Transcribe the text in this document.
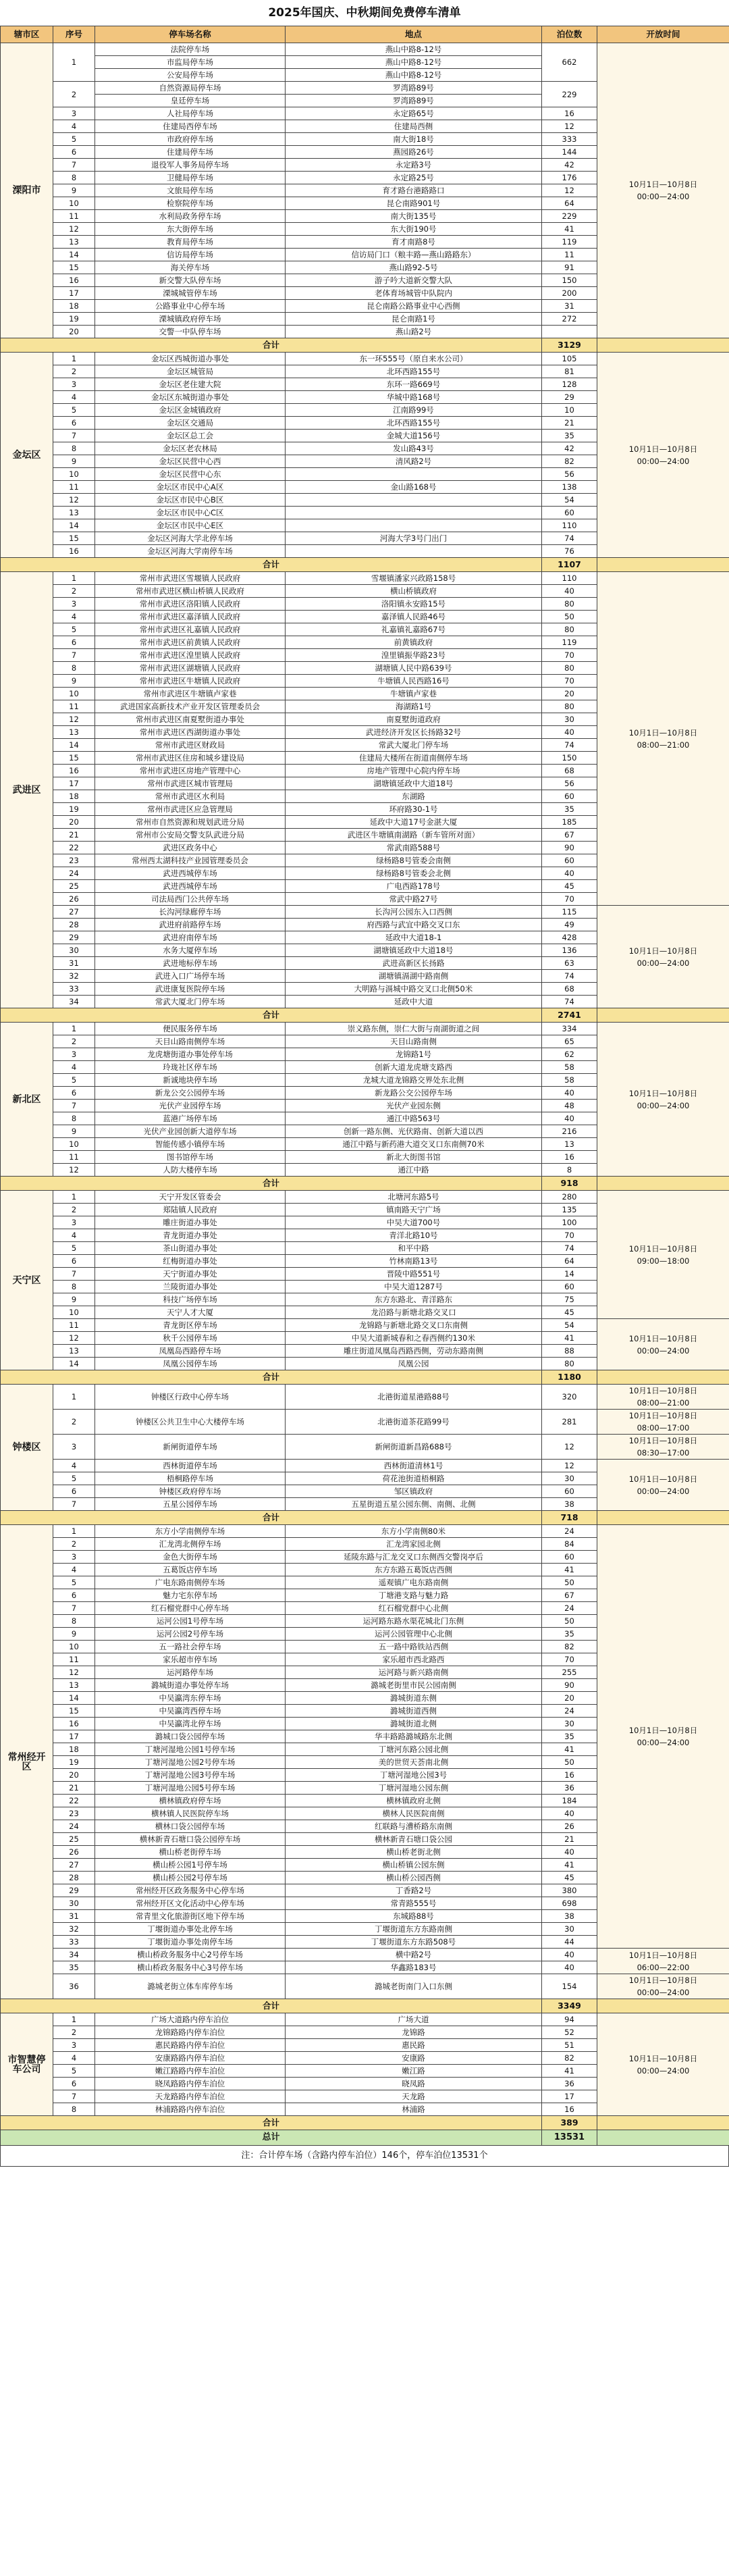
2025年国庆、中秋期间免费停车清单
辖市区	序号	停车场名称	地点	泊位数	开放时间
溧阳市	1	法院停车场	燕山中路8-12号	662	10月1日—10月8日
00:00—24:00
		市监局停车场	燕山中路8-12号		
		公安局停车场	燕山中路8-12号		
	2	自然资源局停车场	罗湾路89号	229	
		皇廷停车场	罗湾路89号		
	3	人社局停车场	永定路65号	16	
	4	住建局西停车场	住建局西侧	12	
	5	市政府停车场	南大街18号	333	
	6	住建局停车场	燕园路26号	144	
	7	退役军人事务局停车场	永定路3号	42	
	8	卫健局停车场	永定路25号	176	
	9	文旅局停车场	育才路台港路路口	12	
	10	检察院停车场	昆仑南路901号	64	
	11	水利局政务停车场	南大街135号	229	
	12	东大街停车场	东大街190号	41	
	13	教育局停车场	育才南路8号	119	
	14	信访局停车场	信访局门口（粮丰路—燕山路路东）	11	
	15	海关停车场	燕山路92-5号	91	
	16	新交警大队停车场	游子吟大道新交警大队	150	
	17	溧城城管停车场	老体育场城管中队院内	200	
	18	公路事业中心停车场	昆仑南路公路事业中心西侧	31	
	19	溧城镇政府停车场	昆仑南路1号	272	
	20	交警一中队停车场	燕山路2号		
合计				3129	
金坛区	1	金坛区西城街道办事处	东一环555号（原自来水公司）	105	10月1日—10月8日
00:00—24:00
	2	金坛区城管局	北环西路155号	81	
	3	金坛区老住建大院	东环一路669号	128	
	4	金坛区东城街道办事处	华城中路168号	29	
	5	金坛区金城镇政府	江南路99号	10	
	6	金坛区交通局	北环西路155号	21	
	7	金坛区总工会	金城大道156号	35	
	8	金坛区老农林局	发山路43号	42	
	9	金坛区民营中心西	清风路2号	82	
	10	金坛区民营中心东		56	
	11	金坛区市民中心A区	金山路168号	138	
	12	金坛区市民中心B区		54	
	13	金坛区市民中心C区		60	
	14	金坛区市民中心E区		110	
	15	金坛区河海大学北停车场	河海大学3号门出门	74	
	16	金坛区河海大学南停车场		76	
合计				1107	
武进区	1	常州市武进区雪堰镇人民政府	雪堰镇潘家兴政路158号	110	10月1日—10月8日
08:00—21:00
	2	常州市武进区横山桥镇人民政府	横山桥镇政府	40	
	3	常州市武进区洛阳镇人民政府	洛阳镇永安路15号	80	
	4	常州市武进区嘉泽镇人民政府	嘉泽镇人民路46号	50	
	5	常州市武进区礼嘉镇人民政府	礼嘉镇礼嘉路67号	80	
	6	常州市武进区前黄镇人民政府	前黄镇政府	119	
	7	常州市武进区湟里镇人民政府	湟里镇振华路23号	70	
	8	常州市武进区湖塘镇人民政府	湖塘镇人民中路639号	80	
	9	常州市武进区牛塘镇人民政府	牛塘镇人民西路16号	70	
	10	常州市武进区牛塘镇卢家巷	牛塘镇卢家巷	20	
	11	武进国家高新技术产业开发区管理委员会	海湖路1号	80	
	12	常州市武进区南夏墅街道办事处	南夏墅街道政府	30	
	13	常州市武进区西湖街道办事处	武进经济开发区长扬路32号	40	
	14	常州市武进区财政局	常武大厦北门停车场	74	
	15	常州市武进区住房和城乡建设局	住建局大楼所在街道南侧停车场	150	
	16	常州市武进区房地产管理中心	房地产管理中心院内停车场	68	
	17	常州市武进区城市管理局	湖塘镇延政中大道18号	56	
	18	常州市武进区水利局	东湖路	60	
	19	常州市武进区应急管理局	环府路30-1号	35	
	20	常州市自然资源和规划武进分局	延政中大道17号金湛大厦	185	
	21	常州市公安局交警支队武进分局	武进区牛塘镇南湖路（新车管所对面）	67	
	22	武进区政务中心	常武南路588号	90	
	23	常州西太湖科技产业园管理委员会	绿杨路8号管委会南侧	60	
	24	武进西城停车场	绿杨路8号管委会北侧	40	
	25	武进西城停车场	广电西路178号	45	
	26	司法局西门公共停车场	常武中路27号	70	
	27	长沟河绿廊停车场	长沟河公园东入口西侧	115	10月1日—10月8日
00:00—24:00
	28	武进府前路停车场	府西路与武宜中路交叉口东	49	
	29	武进府南停车场	延政中大道18-1	428	
	30	水务大厦停车场	湖塘镇延政中大道18号	136	
	31	武进地标停车场	武进高新区长扬路	63	
	32	武进入口广场停车场	湖塘镇滆湖中路南侧	74	
	33	武进康复医院停车场	大明路与滆城中路交叉口北侧50米	68	
	34	常武大厦北门停车场	延政中大道	74	
合计				2741	
新北区	1	便民服务停车场	崇义路东侧，崇仁大街与南湖街道之间	334	10月1日—10月8日
00:00—24:00
	2	天目山路南侧停车场	天目山路南侧	65	
	3	龙虎塘街道办事处停车场	龙锦路1号	62	
	4	玲珑社区停车场	创新大道龙虎塘支路西	58	
	5	新诚地块停车场	龙城大道龙锦路交界处东北侧	58	
	6	新龙公交公园停车场	新龙路公交公园停车场	40	
	7	光伏产业园停车场	光伏产业园东侧	48	
	8	蓝港广场停车场	通江中路563号	40	
	9	光伏产业园创新大道停车场	创新一路东侧、光伏路南、创新大道以西	216	
	10	智能传感小镇停车场	通江中路与新药港大道交叉口东南侧70米	13	
	11	图书馆停车场	新北大街图书馆	16	
	12	人防大楼停车场	通江中路	8	
合计				918	
天宁区	1	天宁开发区管委会	北塘河东路5号	280	10月1日—10月8日
09:00—18:00
	2	郑陆镇人民政府	镇南路天宁广场	135	
	3	雕庄街道办事处	中吴大道700号	100	
	4	青龙街道办事处	青洋北路10号	70	
	5	茶山街道办事处	和平中路	74	
	6	红梅街道办事处	竹林南路13号	64	
	7	天宁街道办事处	晋陵中路551号	14	
	8	兰陵街道办事处	中吴大道1287号	60	
	9	科技广场停车场	东方东路北、青洋路东	75	
	10	天宁人才大厦	龙沿路与新塘北路交叉口	45	
	11	青龙街区停车场	龙锦路与新塘北路交叉口东南侧	54	10月1日—10月8日
00:00—24:00
	12	秋千公园停车场	中吴大道新城春和之春西侧约130米	41	
	13	凤凰岛西路停车场	雕庄街道凤凰岛西路西侧，劳动东路南侧	88	
	14	凤凰公园停车场	凤凰公园	80	
合计				1180	
钟楼区	1	钟楼区行政中心停车场	北港街道星港路88号	320	10月1日—10月8日
08:00—21:00
	2	钟楼区公共卫生中心大楼停车场	北港街道茶花路99号	281	10月1日—10月8日
08:00—17:00
	3	新闸街道停车场	新闸街道新昌路688号	12	10月1日—10月8日
08:30—17:00
	4	西林街道停车场	西林街道清林1号	12	10月1日—10月8日
00:00—24:00
	5	梧桐路停车场	荷花池街道梧桐路	30	
	6	钟楼区政府停车场	邹区镇政府	60	
	7	五星公园停车场	五星街道五星公园东侧、南侧、北侧	38	
合计				718	
常州经开区	1	东方小学南侧停车场	东方小学南侧80米	24	10月1日—10月8日
00:00—24:00
	2	汇龙湾北侧停车场	汇龙湾家园北侧	84	
	3	金色大街停车场	延陵东路与汇龙交叉口东侧西交警岗亭后	60	
	4	五葛饭店停车场	东方东路五葛饭店西侧	41	
	5	广电东路南侧停车场	遥观镇广电东路南侧	50	
	6	魅力宅东停车场	丁塘港支路与魅力路	67	
	7	红石榴党群中心停车场	红石榴党群中心北侧	24	
	8	运河公园1号停车场	运河路东路水渠花城北门东侧	50	
	9	运河公园2号停车场	运河公园管理中心北侧	35	
	10	五一路社会停车场	五一路中路铁站西侧	82	
	11	家乐超市停车场	家乐超市西北路西	70	
	12	运河路停车场	运河路与新兴路南侧	255	
	13	潞城街道办事处停车场	潞城老街里市民公园南侧	90	
	14	中吴瀛湾东停车场	潞城街道东侧	20	
	15	中吴瀛湾西停车场	潞城街道西侧	24	
	16	中吴瀛湾北停车场	潞城街道北侧	30	
	17	潞城口袋公园停车场	华丰路路潞城路东北侧	35	
	18	丁塘河湿地公园1号停车场	丁塘河东路公园北侧	41	
	19	丁塘河湿地公园2号停车场	美的世贸天荟南北侧	50	
	20	丁塘河湿地公园3号停车场	丁塘河湿地公园3号	16	
	21	丁塘河湿地公园5号停车场	丁塘河湿地公园东侧	36	
	22	横林镇政府停车场	横林镇政府北侧	184	
	23	横林镇人民医院停车场	横林人民医院南侧	40	
	24	横林口袋公园停车场	红联路与漕桥路东南侧	26	
	25	横林新青石塘口袋公园停车场	横林新青石塘口袋公园	21	
	26	横山桥老街停车场	横山桥老街北侧	40	
	27	横山桥公园1号停车场	横山桥镇公园东侧	41	
	28	横山桥公园2号停车场	横山桥公园西侧	45	
	29	常州经开区政务服务中心停车场	丁香路2号	380	
	30	常州经开区文化活动中心停车场	常青路555号	698	
	31	常青里文化旅游街区地下停车场	东城路88号	38	
	32	丁堰街道办事处北停车场	丁堰街道东方东路南侧	30	
	33	丁堰街道办事处南停车场	丁堰街道东方东路508号	44	
	34	横山桥政务服务中心2号停车场	横中路2号	40	10月1日—10月8日
06:00—22:00
	35	横山桥政务服务中心3号停车场	华鑫路183号	40	
	36	潞城老街立体车库停车场	潞城老街南门入口东侧	154	10月1日—10月8日
00:00—24:00
合计				3349	
市智慧停车公司	1	广场大道路内停车泊位	广场大道	94	10月1日—10月8日
00:00—24:00
	2	龙锦路路内停车泊位	龙锦路	52	
	3	惠民路路内停车泊位	惠民路	51	
	4	安康路路内停车泊位	安康路	82	
	5	嫩江路路内停车泊位	嫩江路	41	
	6	晓凤路路内停车泊位	晓凤路	36	
	7	天龙路路内停车泊位	天龙路	17	
	8	林浦路路内停车泊位	林浦路	16	
合计				389	
总计				13531	
注：合计停车场（含路内停车泊位）146个，停车泊位13531个
